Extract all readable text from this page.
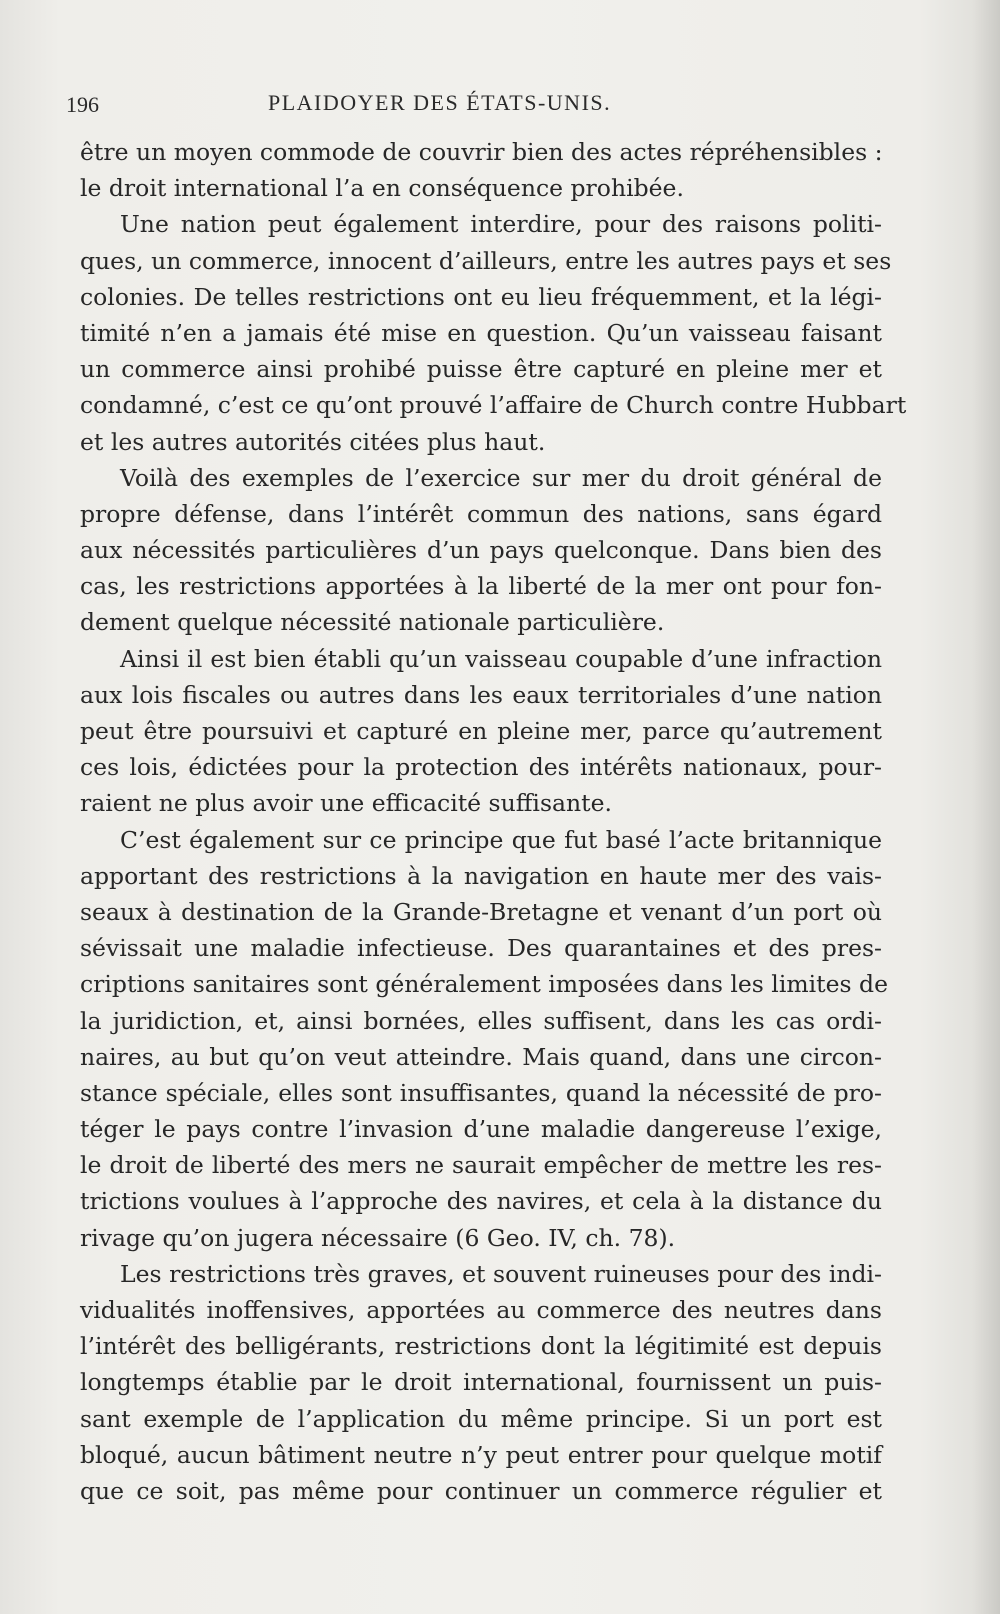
196	PLAIDOYER DES ÉTATS-UNIS.
être un moyen commode de couvrir bien des actes répréhensibles :
le droit international l’a en conséquence prohibée.
Une nation peut également interdire, pour des raisons politi-
ques, un commerce, innocent d’ailleurs, entre les autres pays et ses
colonies. De telles restrictions ont eu lieu fréquemment, et la légi-
timité n’en a jamais été mise en question. Qu’un vaisseau faisant
un commerce ainsi prohibé puisse être capturé en pleine mer et
condamné, c’est ce qu’ont prouvé l’affaire de Church contre Hubbart
et les autres autorités citées plus haut.
Voilà des exemples de l’exercice sur mer du droit général de
propre défense, dans l’intérêt commun des nations, sans égard
aux nécessités particulières d’un pays quelconque. Dans bien des
cas, les restrictions apportées à la liberté de la mer ont pour fon-
dement quelque nécessité nationale particulière.
Ainsi il est bien établi qu’un vaisseau coupable d’une infraction
aux lois fiscales ou autres dans les eaux territoriales d’une nation
peut être poursuivi et capturé en pleine mer, parce qu’autrement
ces lois, édictées pour la protection des intérêts nationaux, pour-
raient ne plus avoir une efficacité suffisante.
C’est également sur ce principe que fut basé l’acte britannique
apportant des restrictions à la navigation en haute mer des vais-
seaux à destination de la Grande-Bretagne et venant d’un port où
sévissait une maladie infectieuse. Des quarantaines et des pres-
criptions sanitaires sont généralement imposées dans les limites de
la juridiction, et, ainsi bornées, elles suffisent, dans les cas ordi-
naires, au but qu’on veut atteindre. Mais quand, dans une circon-
stance spéciale, elles sont insuffisantes, quand la nécessité de pro-
téger le pays contre l’invasion d’une maladie dangereuse l’exige,
le droit de liberté des mers ne saurait empêcher de mettre les res-
trictions voulues à l’approche des navires, et cela à la distance du
rivage qu’on jugera nécessaire (6 Geo. IV, ch. 78).
Les restrictions très graves, et souvent ruineuses pour des indi-
vidualités inoffensives, apportées au commerce des neutres dans
l’intérêt des belligérants, restrictions dont la légitimité est depuis
longtemps établie par le droit international, fournissent un puis-
sant exemple de l’application du même principe. Si un port est
bloqué, aucun bâtiment neutre n’y peut entrer pour quelque motif
que ce soit, pas même pour continuer un commerce régulier et
